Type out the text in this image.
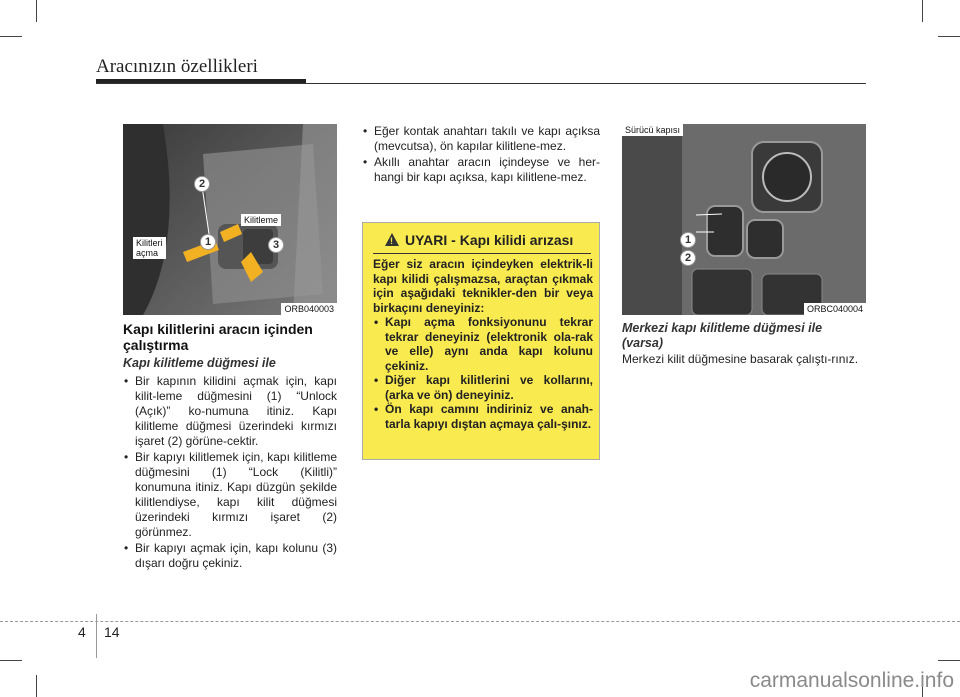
Aracınızın özellikleri
2
1	3
Kilitleme
Kilitleri
açma
ORB040003
Kapı kilitlerini aracın içinden çalıştırma
Kapı kilitleme düğmesi ile
• Bir kapının kilidini açmak için, kapı kilit-leme düğmesini (1) “Unlock (Açık)” ko-numuna itiniz. Kapı kilitleme düğmesi üzerindeki kırmızı işaret (2) görüne-cektir.
• Bir kapıyı kilitlemek için, kapı kilitleme düğmesini (1) “Lock (Kilitli)” konumuna itiniz. Kapı düzgün şekilde kilitlendiyse, kapı kilit düğmesi üzerindeki kırmızı işaret (2) görünmez.
• Bir kapıyı açmak için, kapı kolunu (3) dışarı doğru çekiniz.
• Eğer kontak anahtarı takılı ve kapı açıksa (mevcutsa), ön kapılar kilitlene-mez.
• Akıllı anahtar aracın içindeyse ve her-hangi bir kapı açıksa, kapı kilitlene-mez.
! UYARI - Kapı kilidi arızası
Eğer siz aracın içindeyken elektrik-li kapı kilidi çalışmazsa, araçtan çıkmak için aşağıdaki teknikler-den bir veya birkaçını deneyiniz:
• Kapı açma fonksiyonunu tekrar tekrar deneyiniz (elektronik ola-rak ve elle) aynı anda kapı kolunu çekiniz.
• Diğer kapı kilitlerini ve kollarını, (arka ve ön) deneyiniz.
• Ön kapı camını indiriniz ve anah-tarla kapıyı dıştan açmaya çalı-şınız.
1
2
Sürücü kapısı
ORBC040004
Merkezi kapı kilitleme düğmesi ile (varsa)
Merkezi kilit düğmesine basarak çalıştı-rınız.
4 14
carmanualsonline.info
